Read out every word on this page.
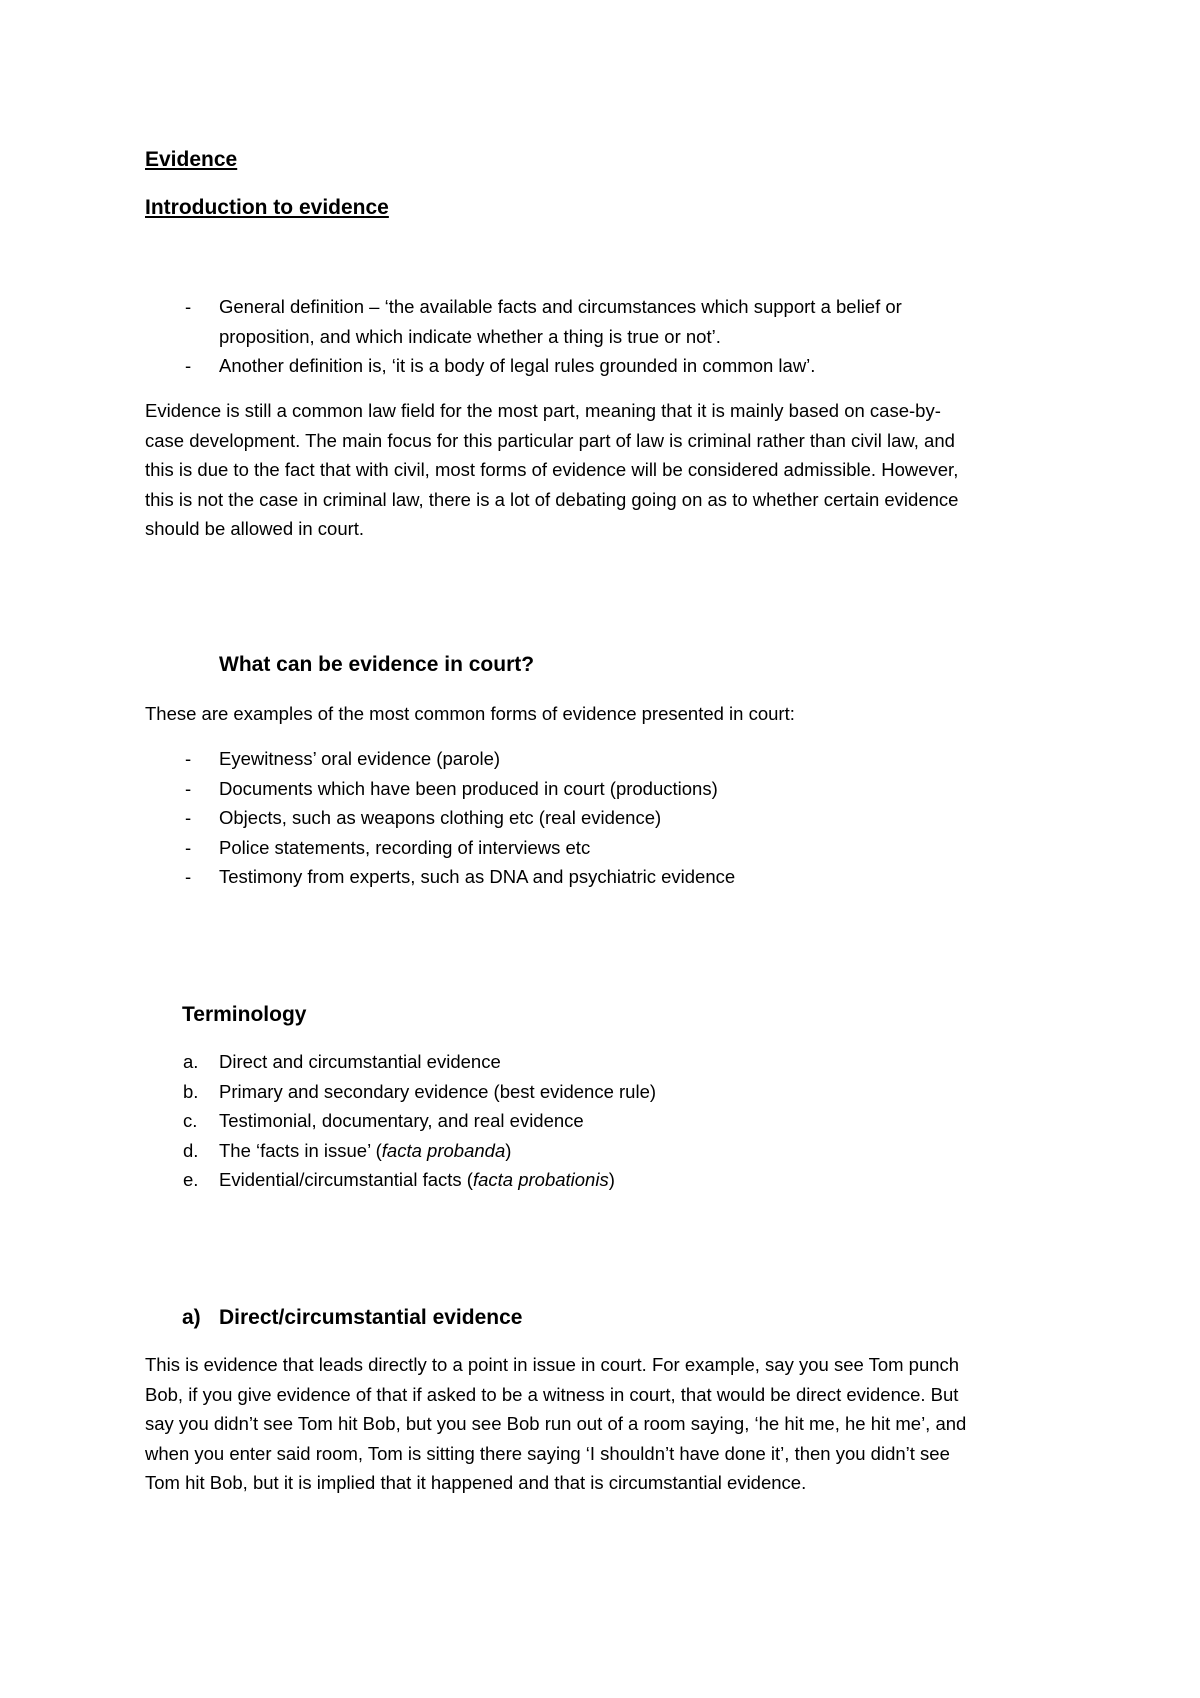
Evidence
Introduction to evidence
- General definition – ‘the available facts and circumstances which support a belief or
proposition, and which indicate whether a thing is true or not’.
- Another definition is, ‘it is a body of legal rules grounded in common law’.
Evidence is still a common law field for the most part, meaning that it is mainly based on case-by-
case development. The main focus for this particular part of law is criminal rather than civil law, and
this is due to the fact that with civil, most forms of evidence will be considered admissible. However,
this is not the case in criminal law, there is a lot of debating going on as to whether certain evidence
should be allowed in court.
What can be evidence in court?
These are examples of the most common forms of evidence presented in court:
- Eyewitness’ oral evidence (parole)
- Documents which have been produced in court (productions)
- Objects, such as weapons clothing etc (real evidence)
- Police statements, recording of interviews etc
- Testimony from experts, such as DNA and psychiatric evidence
Terminology
a. Direct and circumstantial evidence
b. Primary and secondary evidence (best evidence rule)
c. Testimonial, documentary, and real evidence
d. The ‘facts in issue’ (facta probanda)
e. Evidential/circumstantial facts (facta probationis)
a) Direct/circumstantial evidence
This is evidence that leads directly to a point in issue in court. For example, say you see Tom punch
Bob, if you give evidence of that if asked to be a witness in court, that would be direct evidence. But
say you didn’t see Tom hit Bob, but you see Bob run out of a room saying, ‘he hit me, he hit me’, and
when you enter said room, Tom is sitting there saying ‘I shouldn’t have done it’, then you didn’t see
Tom hit Bob, but it is implied that it happened and that is circumstantial evidence.
